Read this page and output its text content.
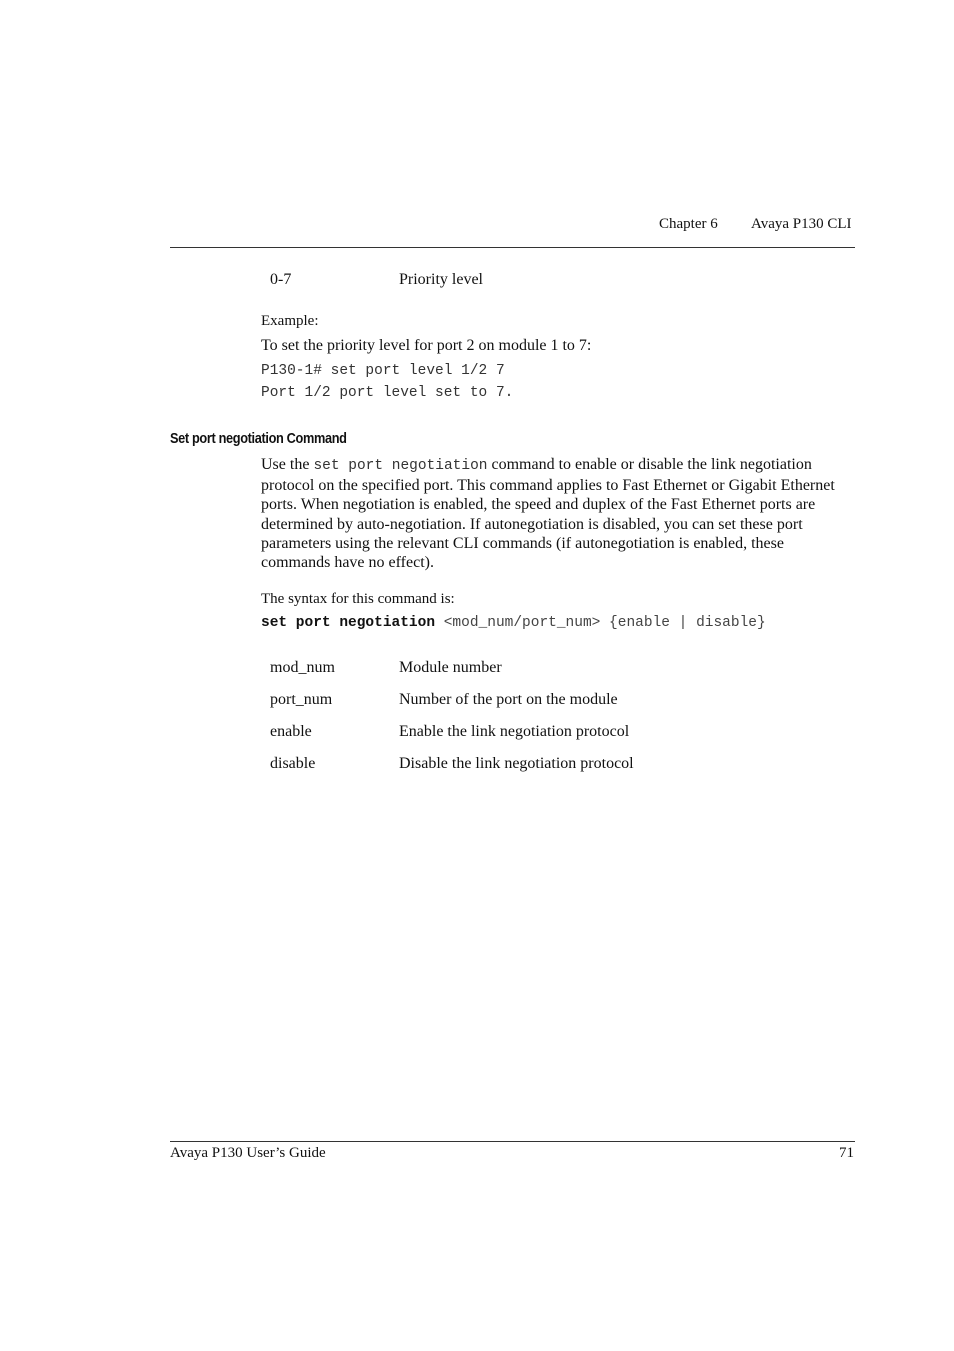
Chapter 6 Avaya P130 CLI
0-7	Priority level
Example:
To set the priority level for port 2 on module 1 to 7:
P130-1# set port level 1/2 7
Port 1/2 port level set to 7.
Set port negotiation Command
Use the set port negotiation command to enable or disable the link negotiation protocol on the specified port. This command applies to Fast Ethernet or Gigabit Ethernet ports. When negotiation is enabled, the speed and duplex of the Fast Ethernet ports are determined by auto-negotiation. If autonegotiation is disabled, you can set these port parameters using the relevant CLI commands (if autonegotiation is enabled, these commands have no effect).
The syntax for this command is:
set port negotiation <mod_num/port_num> {enable | disable}
mod_num	Module number
port_num	Number of the port on the module
enable	Enable the link negotiation protocol
disable	Disable the link negotiation protocol
Avaya P130 User’s Guide	71
